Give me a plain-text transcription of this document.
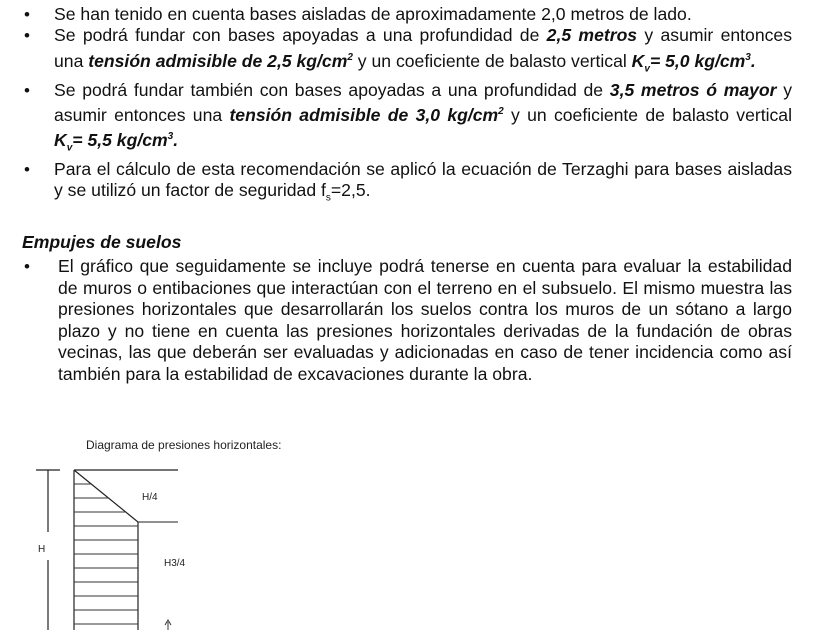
• Se han tenido en cuenta bases aisladas de aproximadamente 2,0 metros de lado.
• Se podrá fundar con bases apoyadas a una profundidad de 2,5 metros y asumir entonces una tensión admisible de 2,5 $kg/cm^2$ y un coeficiente de balasto vertical $K_v= 5,0$ $kg/cm^3$.
• Se podrá fundar también con bases apoyadas a una profundidad de 3,5 metros ó mayor y asumir entonces una tensión admisible de 3,0 $kg/cm^2$ y un coeficiente de balasto vertical $K_v= 5,5$ $kg/cm^3$.
• Para el cálculo de esta recomendación se aplicó la ecuación de Terzaghi para bases aisladas y se utilizó un factor de seguridad $f_s=2,5$.
Empujes de suelos
• El gráfico que seguidamente se incluye podrá tenerse en cuenta para evaluar la estabilidad de muros o entibaciones que interactúan con el terreno en el subsuelo. El mismo muestra las presiones horizontales que desarrollarán los suelos contra los muros de un sótano a largo plazo y no tiene en cuenta las presiones horizontales derivadas de la fundación de obras vecinas, las que deberán ser evaluadas y adicionadas en caso de tener incidencia como así también para la estabilidad de excavaciones durante la obra.
Diagrama de presiones horizontales:
H
H/4
H3/4
